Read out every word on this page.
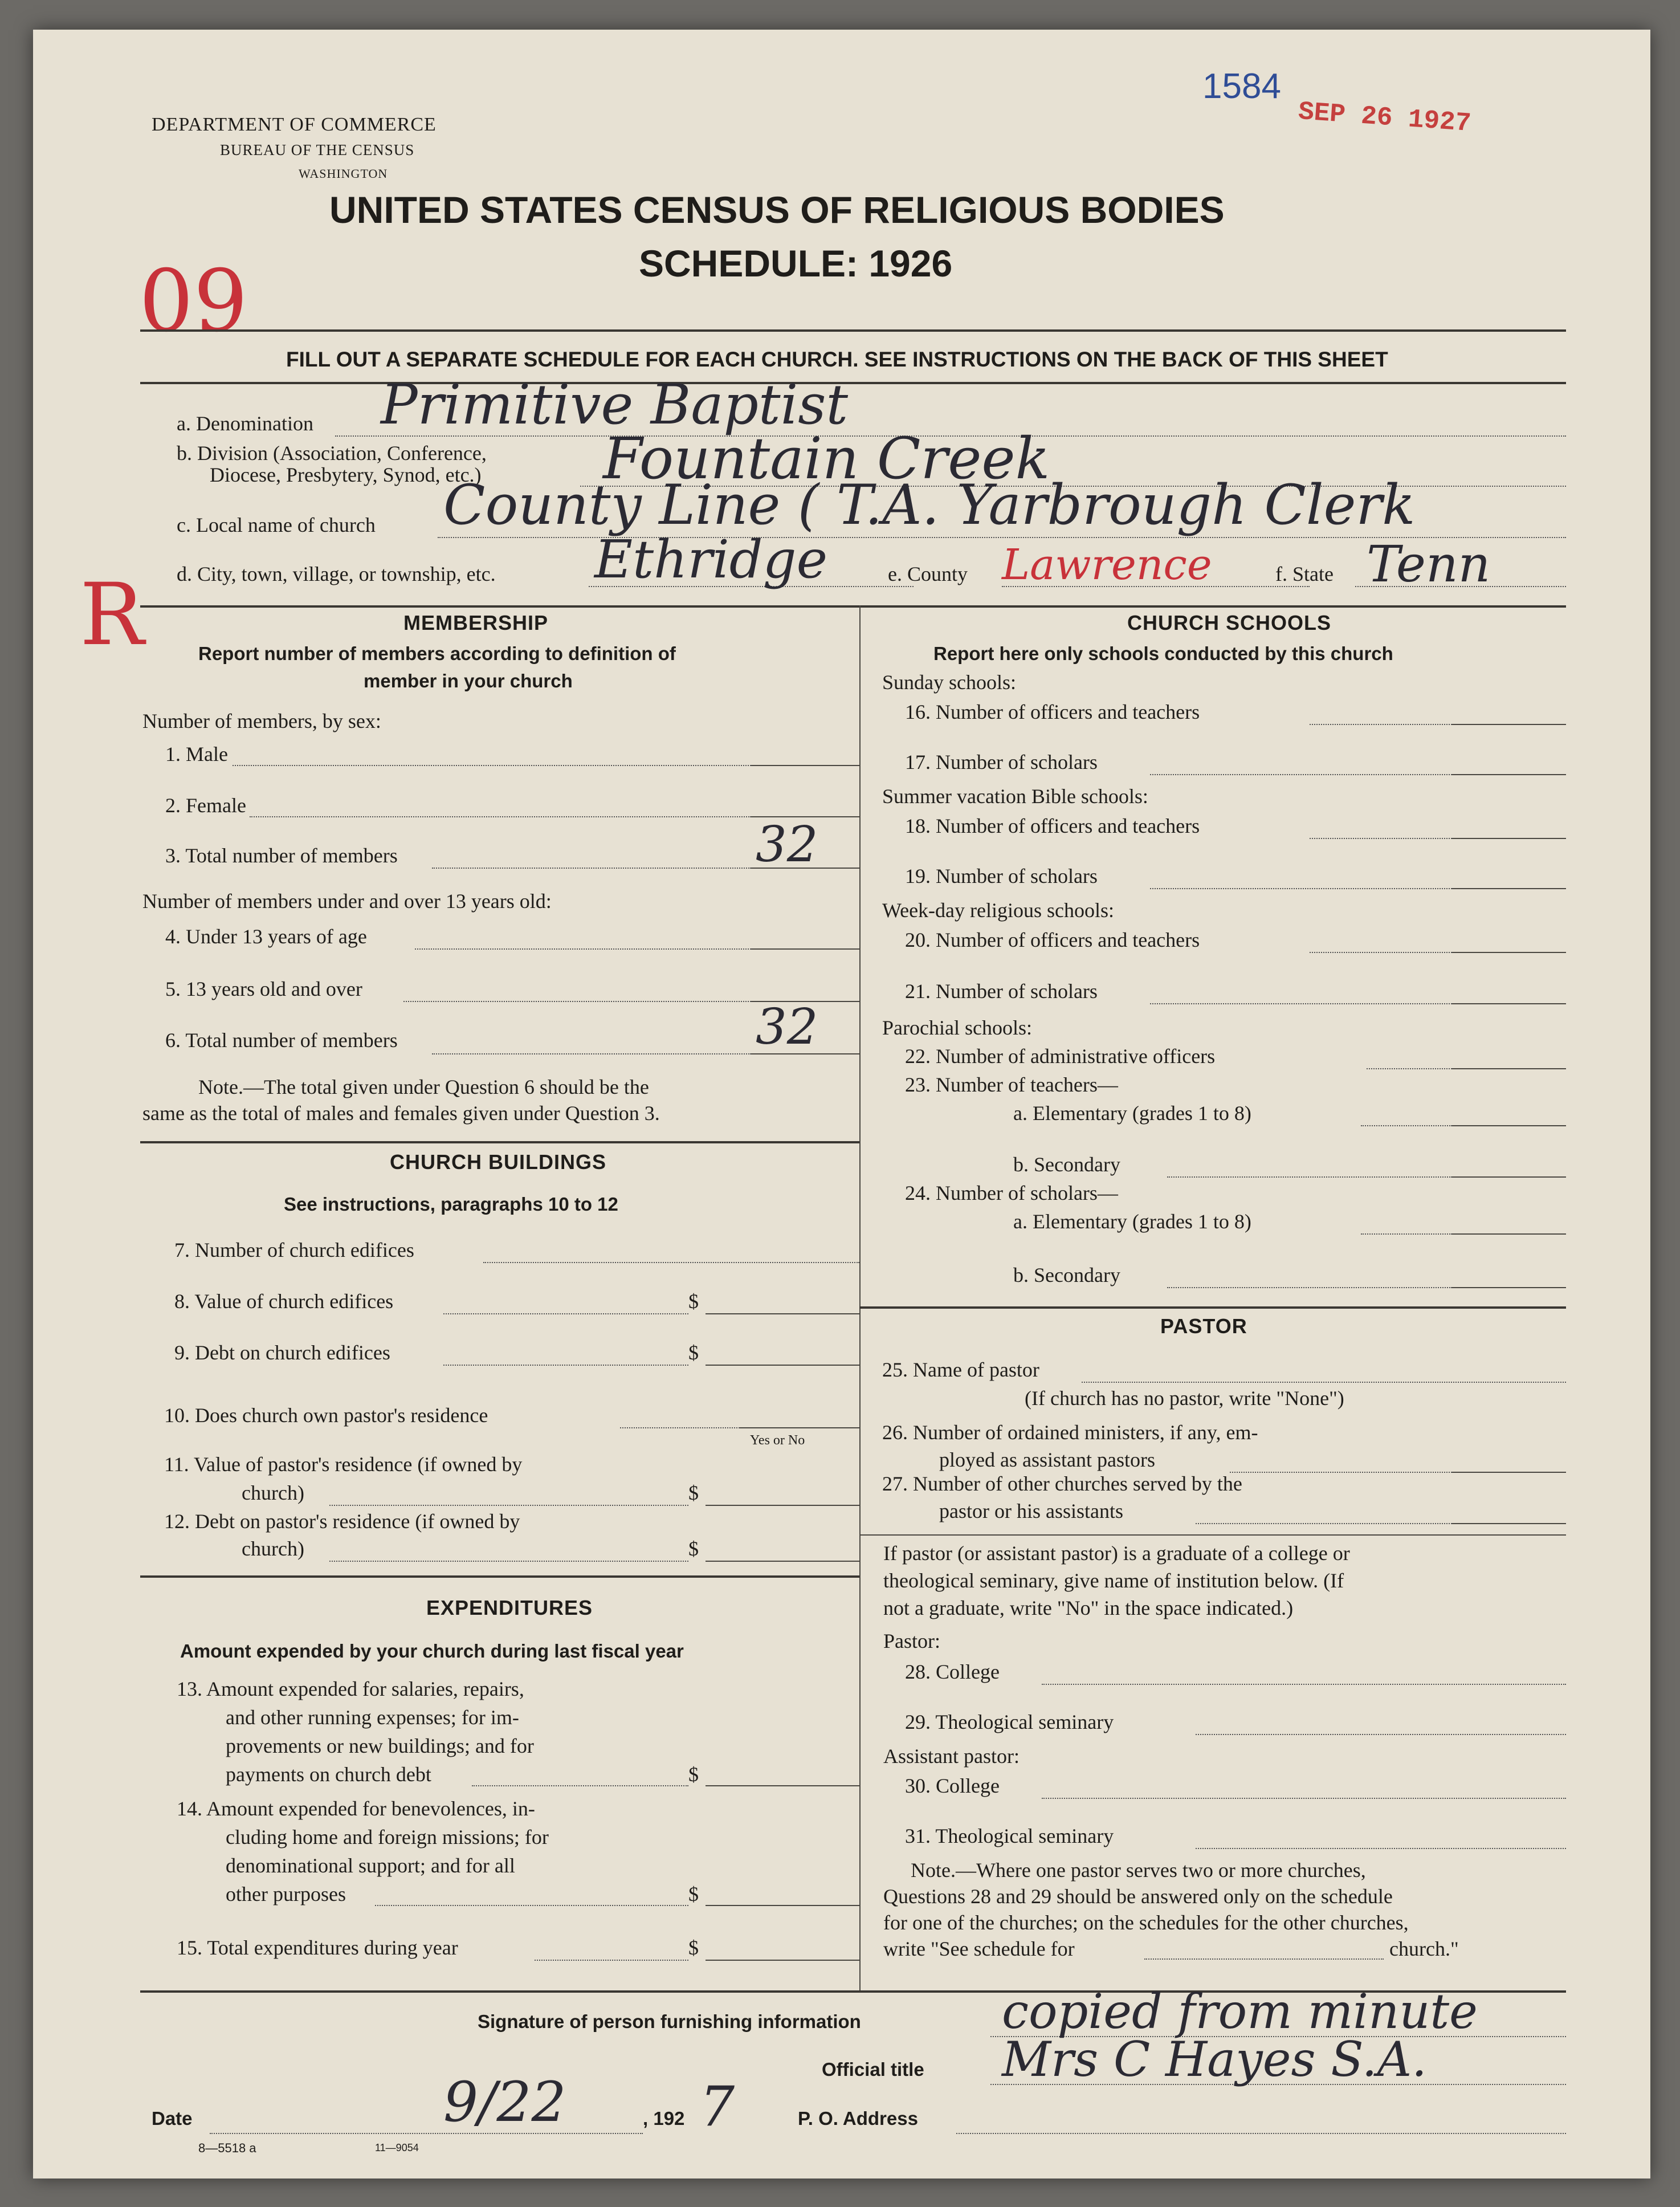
1584
SEP 26 1927
DEPARTMENT OF COMMERCE
BUREAU OF THE CENSUS
WASHINGTON
UNITED STATES CENSUS OF RELIGIOUS BODIES
SCHEDULE: 1926
09
R
FILL OUT A SEPARATE SCHEDULE FOR EACH CHURCH. SEE INSTRUCTIONS ON THE BACK OF THIS SHEET
a. Denomination Primitive Baptist
b. Division (Association, Conference,
Diocese, Presbytery, Synod, etc.) Fountain Creek
c. Local name of church County Line ( T.A. Yarbrough Clerk
d. City, town, village, or township, etc. Ethridge	e. County Lawrence	f. State Tenn
MEMBERSHIP
Report number of members according to definition of
member in your church
Number of members, by sex:
1. Male
2. Female
3. Total number of members	32
Number of members under and over 13 years old:
4. Under 13 years of age
5. 13 years old and over
6. Total number of members	32
Note.—The total given under Question 6 should be the
same as the total of males and females given under Question 3.
CHURCH BUILDINGS
See instructions, paragraphs 10 to 12
7. Number of church edifices
8. Value of church edifices	$
9. Debt on church edifices	$
10. Does church own pastor's residence
Yes or No
11. Value of pastor's residence (if owned by
church)	$
12. Debt on pastor's residence (if owned by
church)	$
EXPENDITURES
Amount expended by your church during last fiscal year
13. Amount expended for salaries, repairs,
and other running expenses; for im-
provements or new buildings; and for
payments on church debt	$
14. Amount expended for benevolences, in-
cluding home and foreign missions; for
denominational support; and for all
other purposes	$
15. Total expenditures during year	$
CHURCH SCHOOLS
Report here only schools conducted by this church
Sunday schools:
16. Number of officers and teachers
17. Number of scholars
Summer vacation Bible schools:
18. Number of officers and teachers
19. Number of scholars
Week-day religious schools:
20. Number of officers and teachers
21. Number of scholars
Parochial schools:
22. Number of administrative officers
23. Number of teachers—
a. Elementary (grades 1 to 8)
b. Secondary
24. Number of scholars—
a. Elementary (grades 1 to 8)
b. Secondary
PASTOR
25. Name of pastor
(If church has no pastor, write "None")
26. Number of ordained ministers, if any, em-
ployed as assistant pastors
27. Number of other churches served by the
pastor or his assistants
If pastor (or assistant pastor) is a graduate of a college or
theological seminary, give name of institution below. (If
not a graduate, write "No" in the space indicated.)
Pastor:
28. College
29. Theological seminary
Assistant pastor:
30. College
31. Theological seminary
Note.—Where one pastor serves two or more churches,
Questions 28 and 29 should be answered only on the schedule
for one of the churches; on the schedules for the other churches,
write "See schedule for	church."
Signature of person furnishing information	copied from minute
Official title Mrs C Hayes S.A.
Date	9/22	, 192 7	P. O. Address
8—5518 a	11—9054
